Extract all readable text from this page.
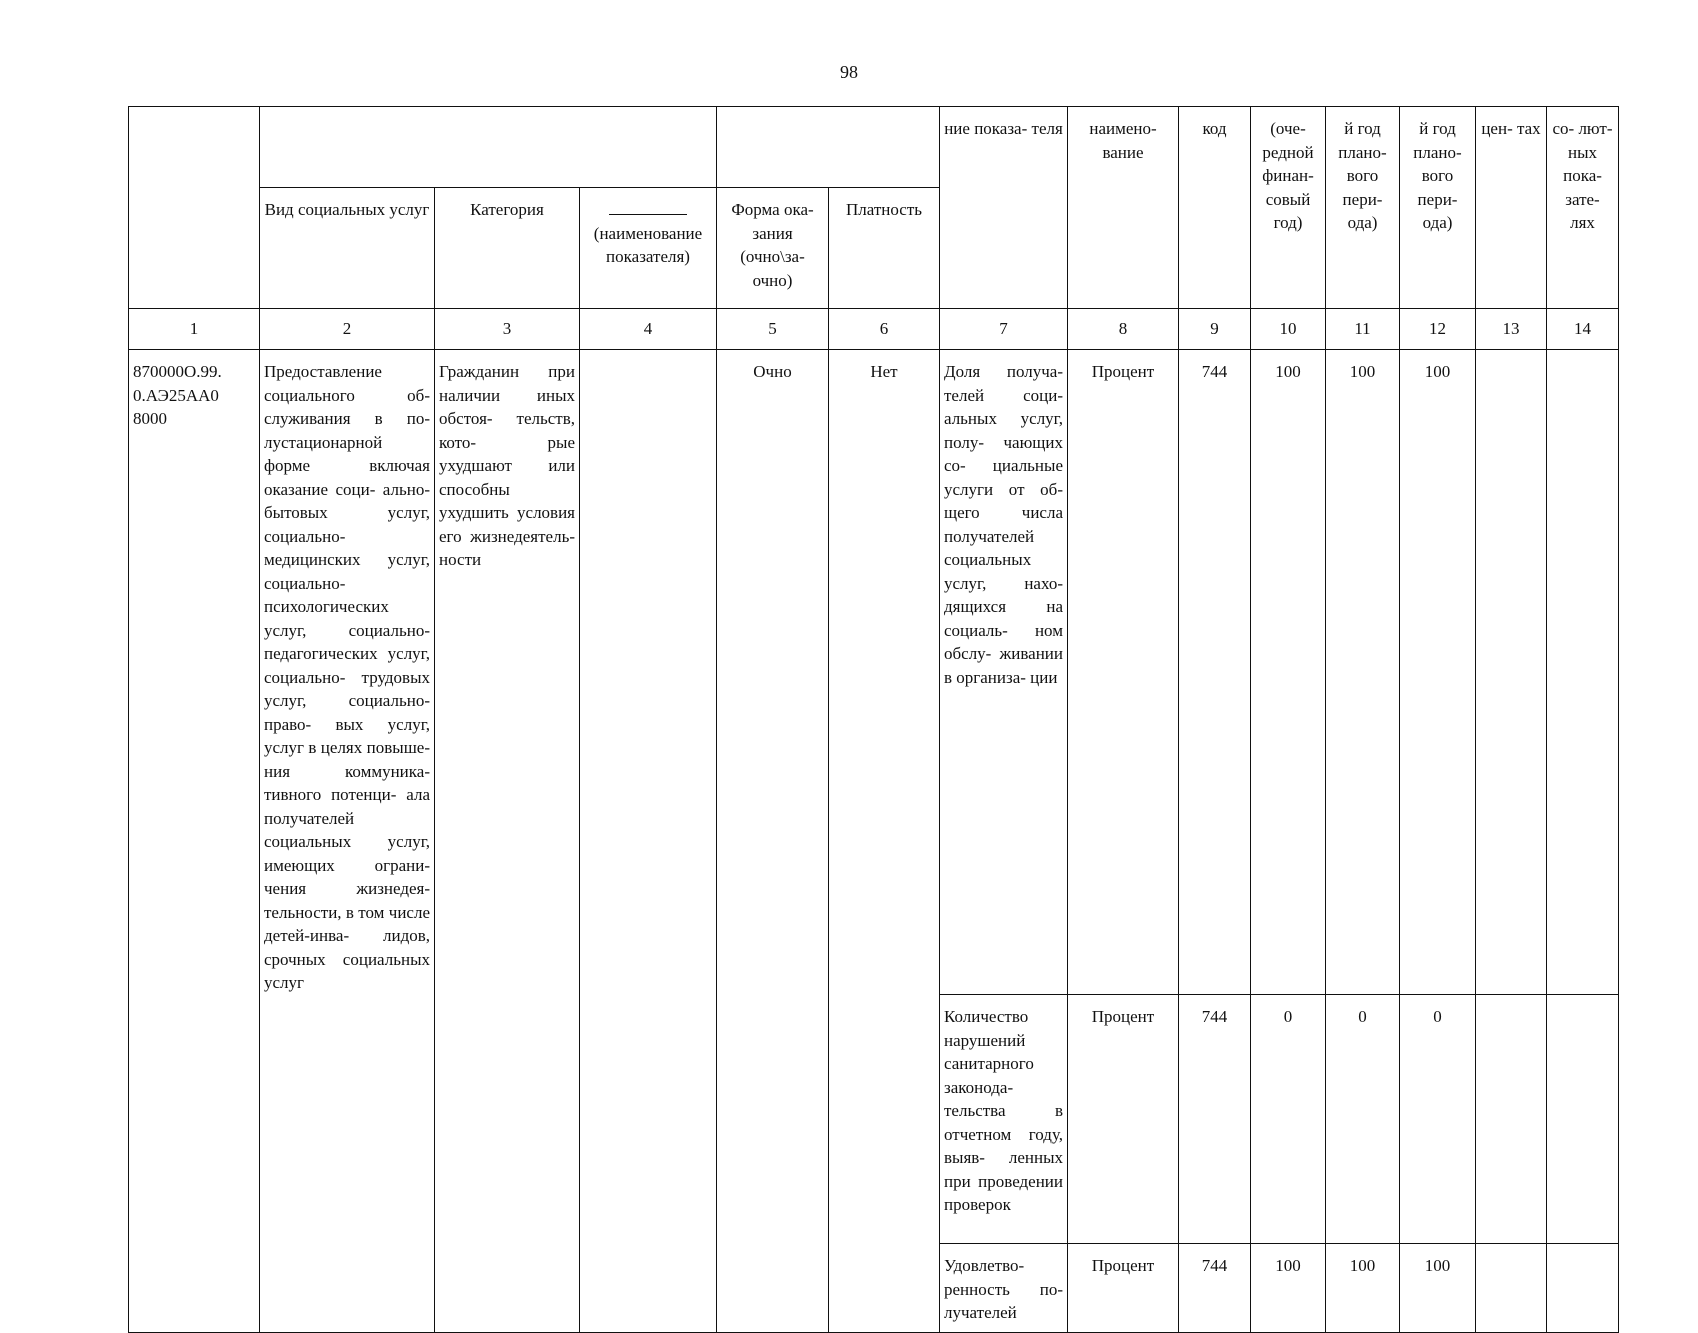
98
						ние показа- теля	наимено- вание	код	(оче- редной финан- совый год)	й год плано- вого пери- ода)	й год плано- вого пери- ода)	цен- тах	со- лют- ных пока- зате- лях
	Вид социальных услуг	Категория	(наименование показателя)	Форма ока- зания (очно\за- очно)	Платность								
1	2	3	4	5	6	7	8	9	10	11	12	13	14
870000О.99. 0.АЭ25АА0 8000	Предоставление социального об- служивания в по- лустационарной форме включая оказание соци- ально-бытовых услуг, социально- медицинских услуг, социально- психологических услуг, социально- педагогических услуг, социально- трудовых услуг, социально-право- вых услуг, услуг в целях повыше- ния коммуника- тивного потенци- ала получателей социальных услуг, имеющих ограни- чения жизнедея- тельности, в том числе детей-инва- лидов, срочных социальных услуг	Гражданин при наличии иных обстоя- тельств, кото- рые ухудшают или способны ухудшить условия его жизнедеятель- ности		Очно	Нет	Доля получа- телей соци- альных услуг, полу- чающих со- циальные услуги от об- щего числа получателей социальных услуг, нахо- дящихся на социаль- ном обслу- живании в организа- ции	Процент	744	100	100	100		
						Количество нарушений санитарного законода- тельства в отчетном году, выяв- ленных при проведении проверок	Процент	744	0	0	0		
						Удовлетво- ренность по- лучателей	Процент	744	100	100	100		
